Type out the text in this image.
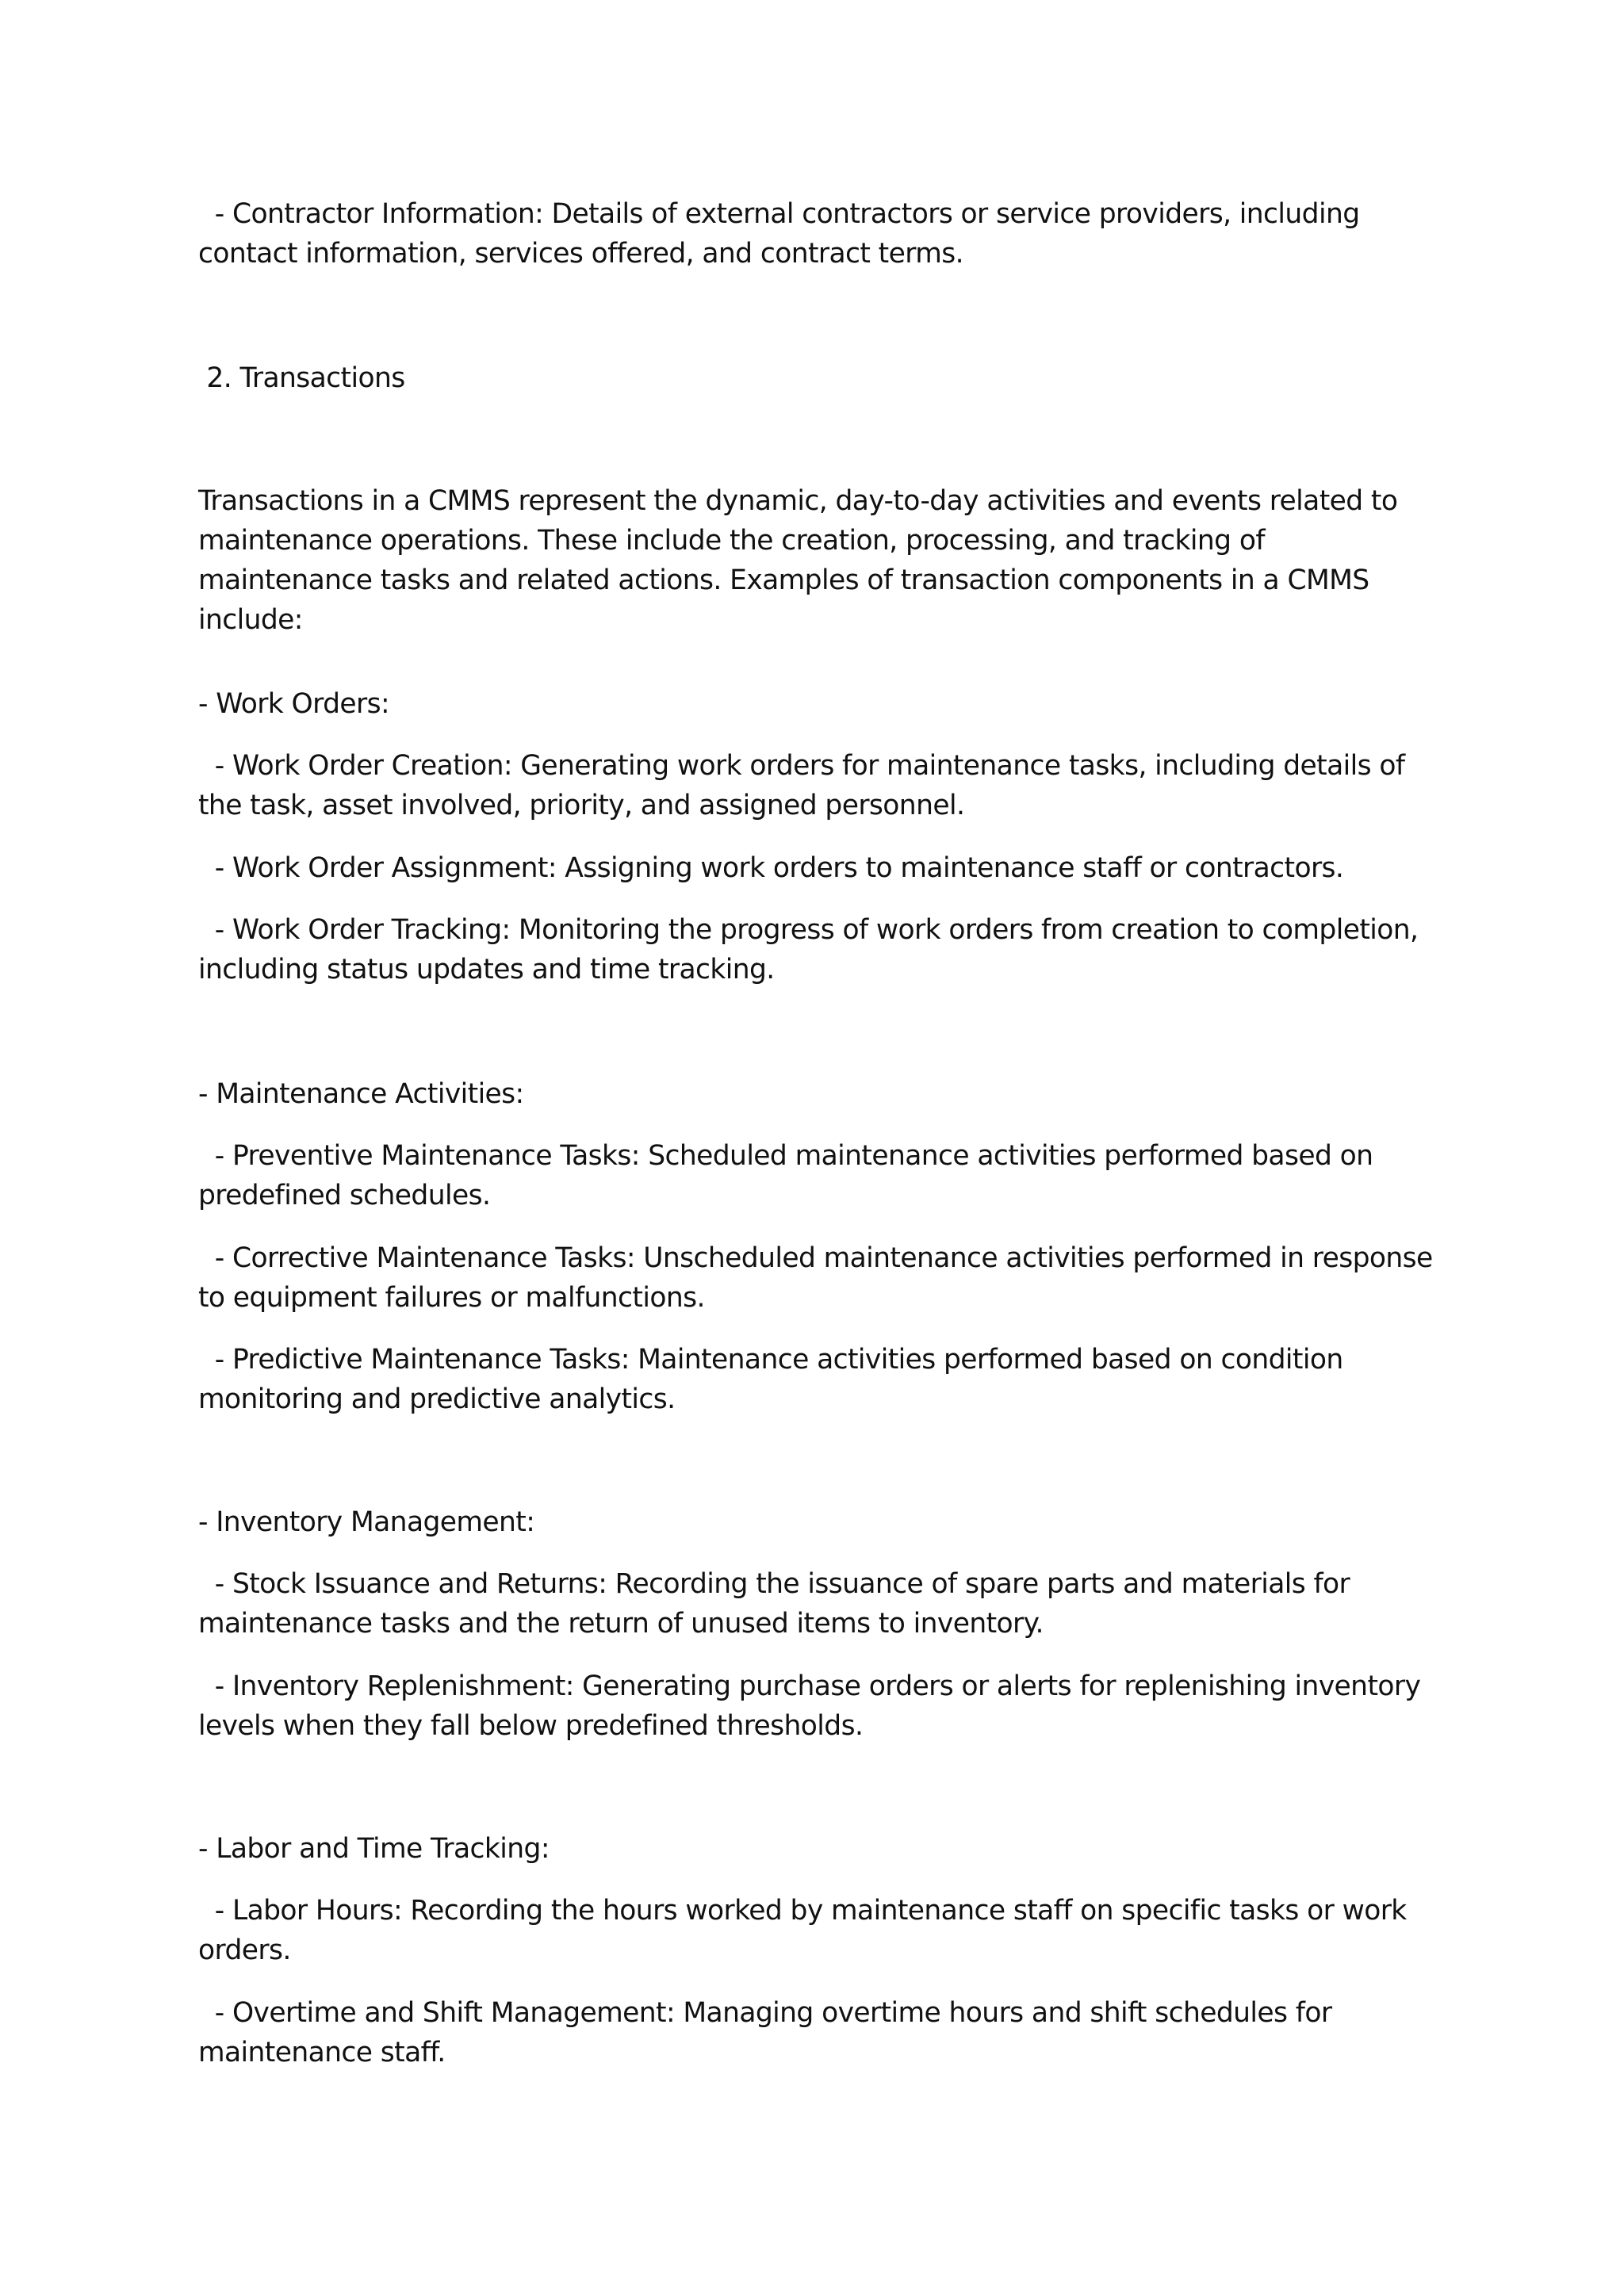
- Contractor Information: Details of external contractors or service providers, including contact information, services offered, and contract terms.

2. Transactions

Transactions in a CMMS represent the dynamic, day-to-day activities and events related to maintenance operations. These include the creation, processing, and tracking of maintenance tasks and related actions. Examples of transaction components in a CMMS include:

- Work Orders:

- Work Order Creation: Generating work orders for maintenance tasks, including details of the task, asset involved, priority, and assigned personnel.

- Work Order Assignment: Assigning work orders to maintenance staff or contractors.

- Work Order Tracking: Monitoring the progress of work orders from creation to completion, including status updates and time tracking.

- Maintenance Activities:

- Preventive Maintenance Tasks: Scheduled maintenance activities performed based on predefined schedules.

- Corrective Maintenance Tasks: Unscheduled maintenance activities performed in response to equipment failures or malfunctions.

- Predictive Maintenance Tasks: Maintenance activities performed based on condition monitoring and predictive analytics.

- Inventory Management:

- Stock Issuance and Returns: Recording the issuance of spare parts and materials for maintenance tasks and the return of unused items to inventory.

- Inventory Replenishment: Generating purchase orders or alerts for replenishing inventory levels when they fall below predefined thresholds.

- Labor and Time Tracking:

- Labor Hours: Recording the hours worked by maintenance staff on specific tasks or work orders.

- Overtime and Shift Management: Managing overtime hours and shift schedules for maintenance staff.
